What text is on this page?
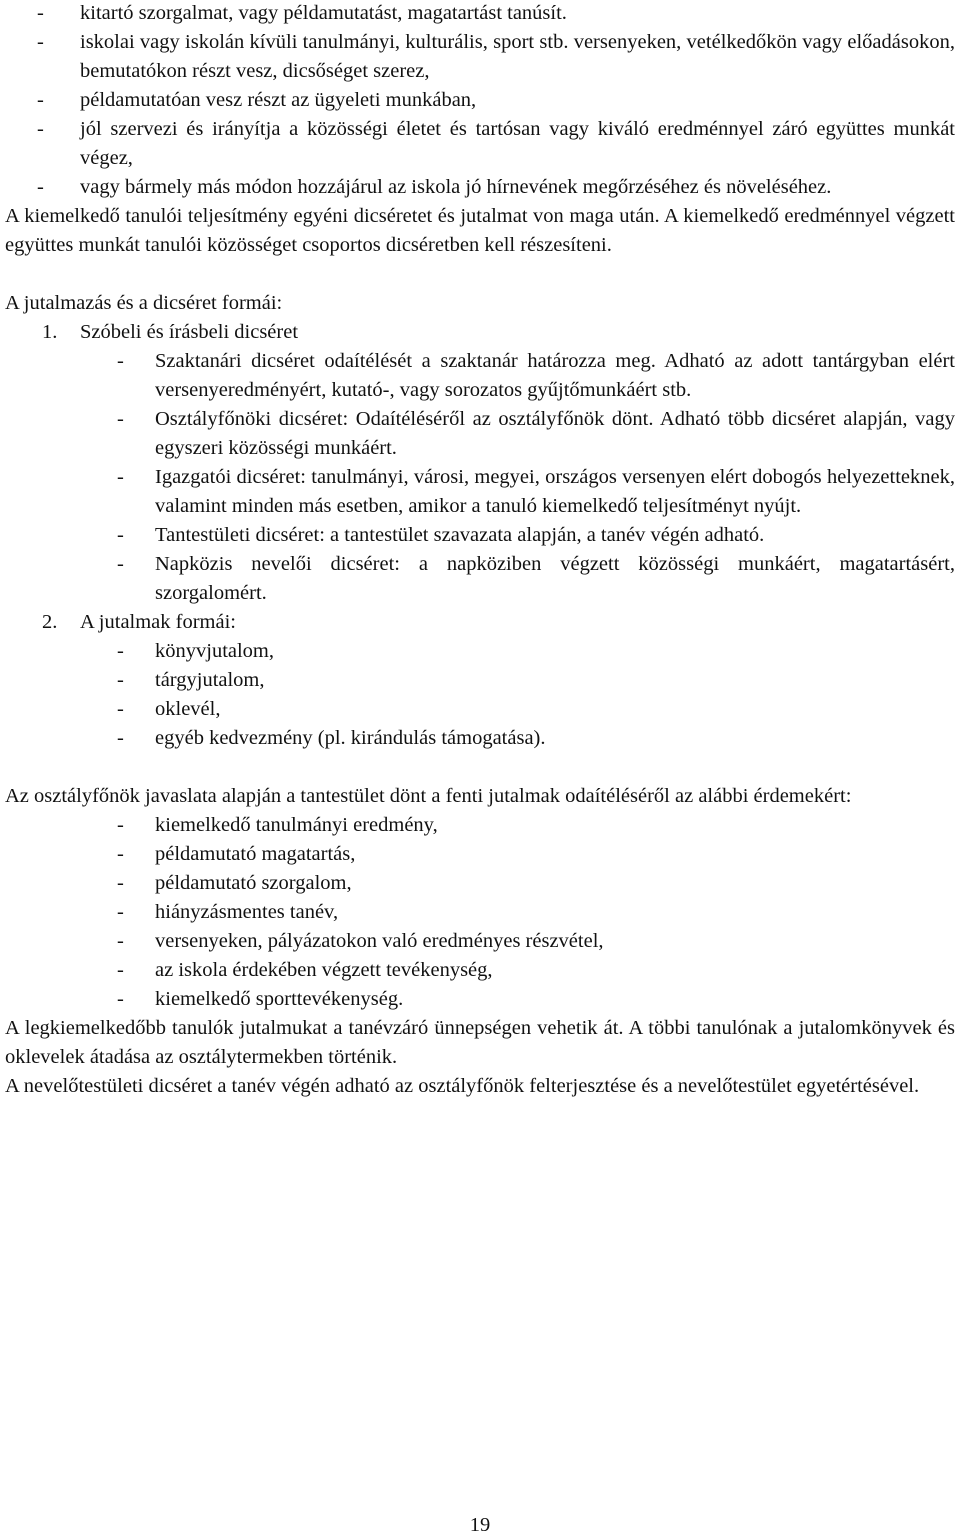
- kitartó szorgalmat, vagy példamutatást, magatartást tanúsít.
- iskolai vagy iskolán kívüli tanulmányi, kulturális, sport stb. versenyeken, vetélkedőkön vagy előadásokon, bemutatókon részt vesz, dicsőséget szerez,
- példamutatóan vesz részt az ügyeleti munkában,
- jól szervezi és irányítja a közösségi életet és tartósan vagy kiváló eredménnyel záró együttes munkát végez,
- vagy bármely más módon hozzájárul az iskola jó hírnevének megőrzéséhez és növeléséhez.
A kiemelkedő tanulói teljesítmény egyéni dicséretet és jutalmat von maga után. A kiemelkedő eredménnyel végzett együttes munkát tanulói közösséget csoportos dicséretben kell részesíteni.
A jutalmazás és a dicséret formái:
1. Szóbeli és írásbeli dicséret
- Szaktanári dicséret odaítélését a szaktanár határozza meg. Adható az adott tantárgyban elért versenyeredményért, kutató-, vagy sorozatos gyűjtőmunkáért stb.
- Osztályfőnöki dicséret: Odaítéléséről az osztályfőnök dönt. Adható több dicséret alapján, vagy egyszeri közösségi munkáért.
- Igazgatói dicséret: tanulmányi, városi, megyei, országos versenyen elért dobogós helyezetteknek, valamint minden más esetben, amikor a tanuló kiemelkedő teljesítményt nyújt.
- Tantestületi dicséret: a tantestület szavazata alapján, a tanév végén adható.
- Napközis nevelői dicséret: a napköziben végzett közösségi munkáért, magatartásért, szorgalomért.
2. A jutalmak formái:
- könyvjutalom,
- tárgyjutalom,
- oklevél,
- egyéb kedvezmény (pl. kirándulás támogatása).
Az osztályfőnök javaslata alapján a tantestület dönt a fenti jutalmak odaítéléséről az alábbi érdemekért:
- kiemelkedő tanulmányi eredmény,
- példamutató magatartás,
- példamutató szorgalom,
- hiányzásmentes tanév,
- versenyeken, pályázatokon való eredményes részvétel,
- az iskola érdekében végzett tevékenység,
- kiemelkedő sporttevékenység.
A legkiemelkedőbb tanulók jutalmukat a tanévzáró ünnepségen vehetik át. A többi tanulónak a jutalomkönyvek és oklevelek átadása az osztálytermekben történik.
A nevelőtestületi dicséret a tanév végén adható az osztályfőnök felterjesztése és a nevelőtestület egyetértésével.
19
